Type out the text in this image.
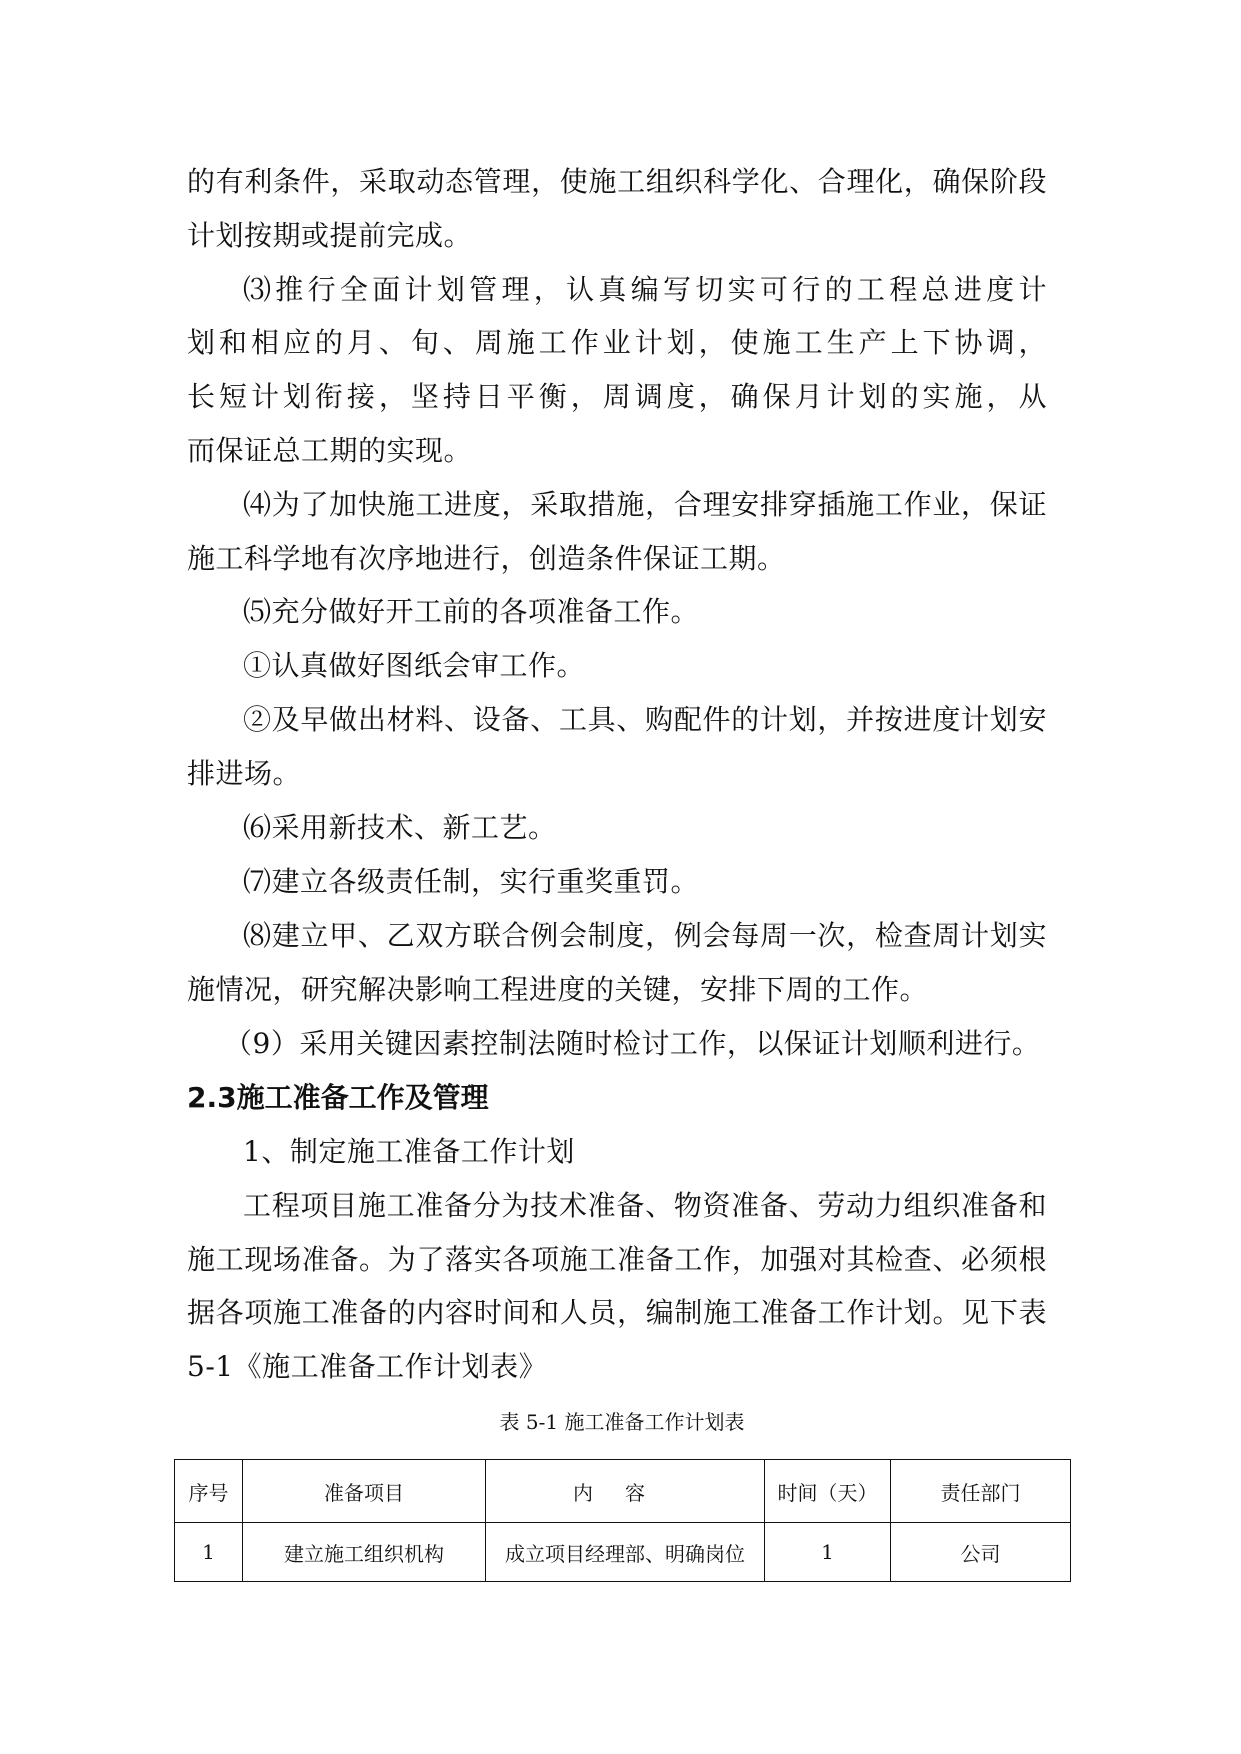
的有利条件，采取动态管理，使施工组织科学化、合理化，确保阶段
计划按期或提前完成。
⑶推行全面计划管理，认真编写切实可行的工程总进度计
划和相应的月、旬、周施工作业计划，使施工生产上下协调，
长短计划衔接，坚持日平衡，周调度，确保月计划的实施，从
而保证总工期的实现。
⑷为了加快施工进度，采取措施，合理安排穿插施工作业，保证
施工科学地有次序地进行，创造条件保证工期。
⑸充分做好开工前的各项准备工作。
①认真做好图纸会审工作。
②及早做出材料、设备、工具、购配件的计划，并按进度计划安
排进场。
⑹采用新技术、新工艺。
⑺建立各级责任制，实行重奖重罚。
⑻建立甲、乙双方联合例会制度，例会每周一次，检查周计划实
施情况，研究解决影响工程进度的关键，安排下周的工作。
（9）采用关键因素控制法随时检讨工作，以保证计划顺利进行。
2.3施工准备工作及管理
1、制定施工准备工作计划
工程项目施工准备分为技术准备、物资准备、劳动力组织准备和
施工现场准备。为了落实各项施工准备工作，加强对其检查、必须根
据各项施工准备的内容时间和人员，编制施工准备工作计划。见下表
5-1《施工准备工作计划表》
表 5-1 施工准备工作计划表
序号	准备项目	内容	时间（天）	责任部门
1	建立施工组织机构	成立项目经理部、明确岗位	1	公司
